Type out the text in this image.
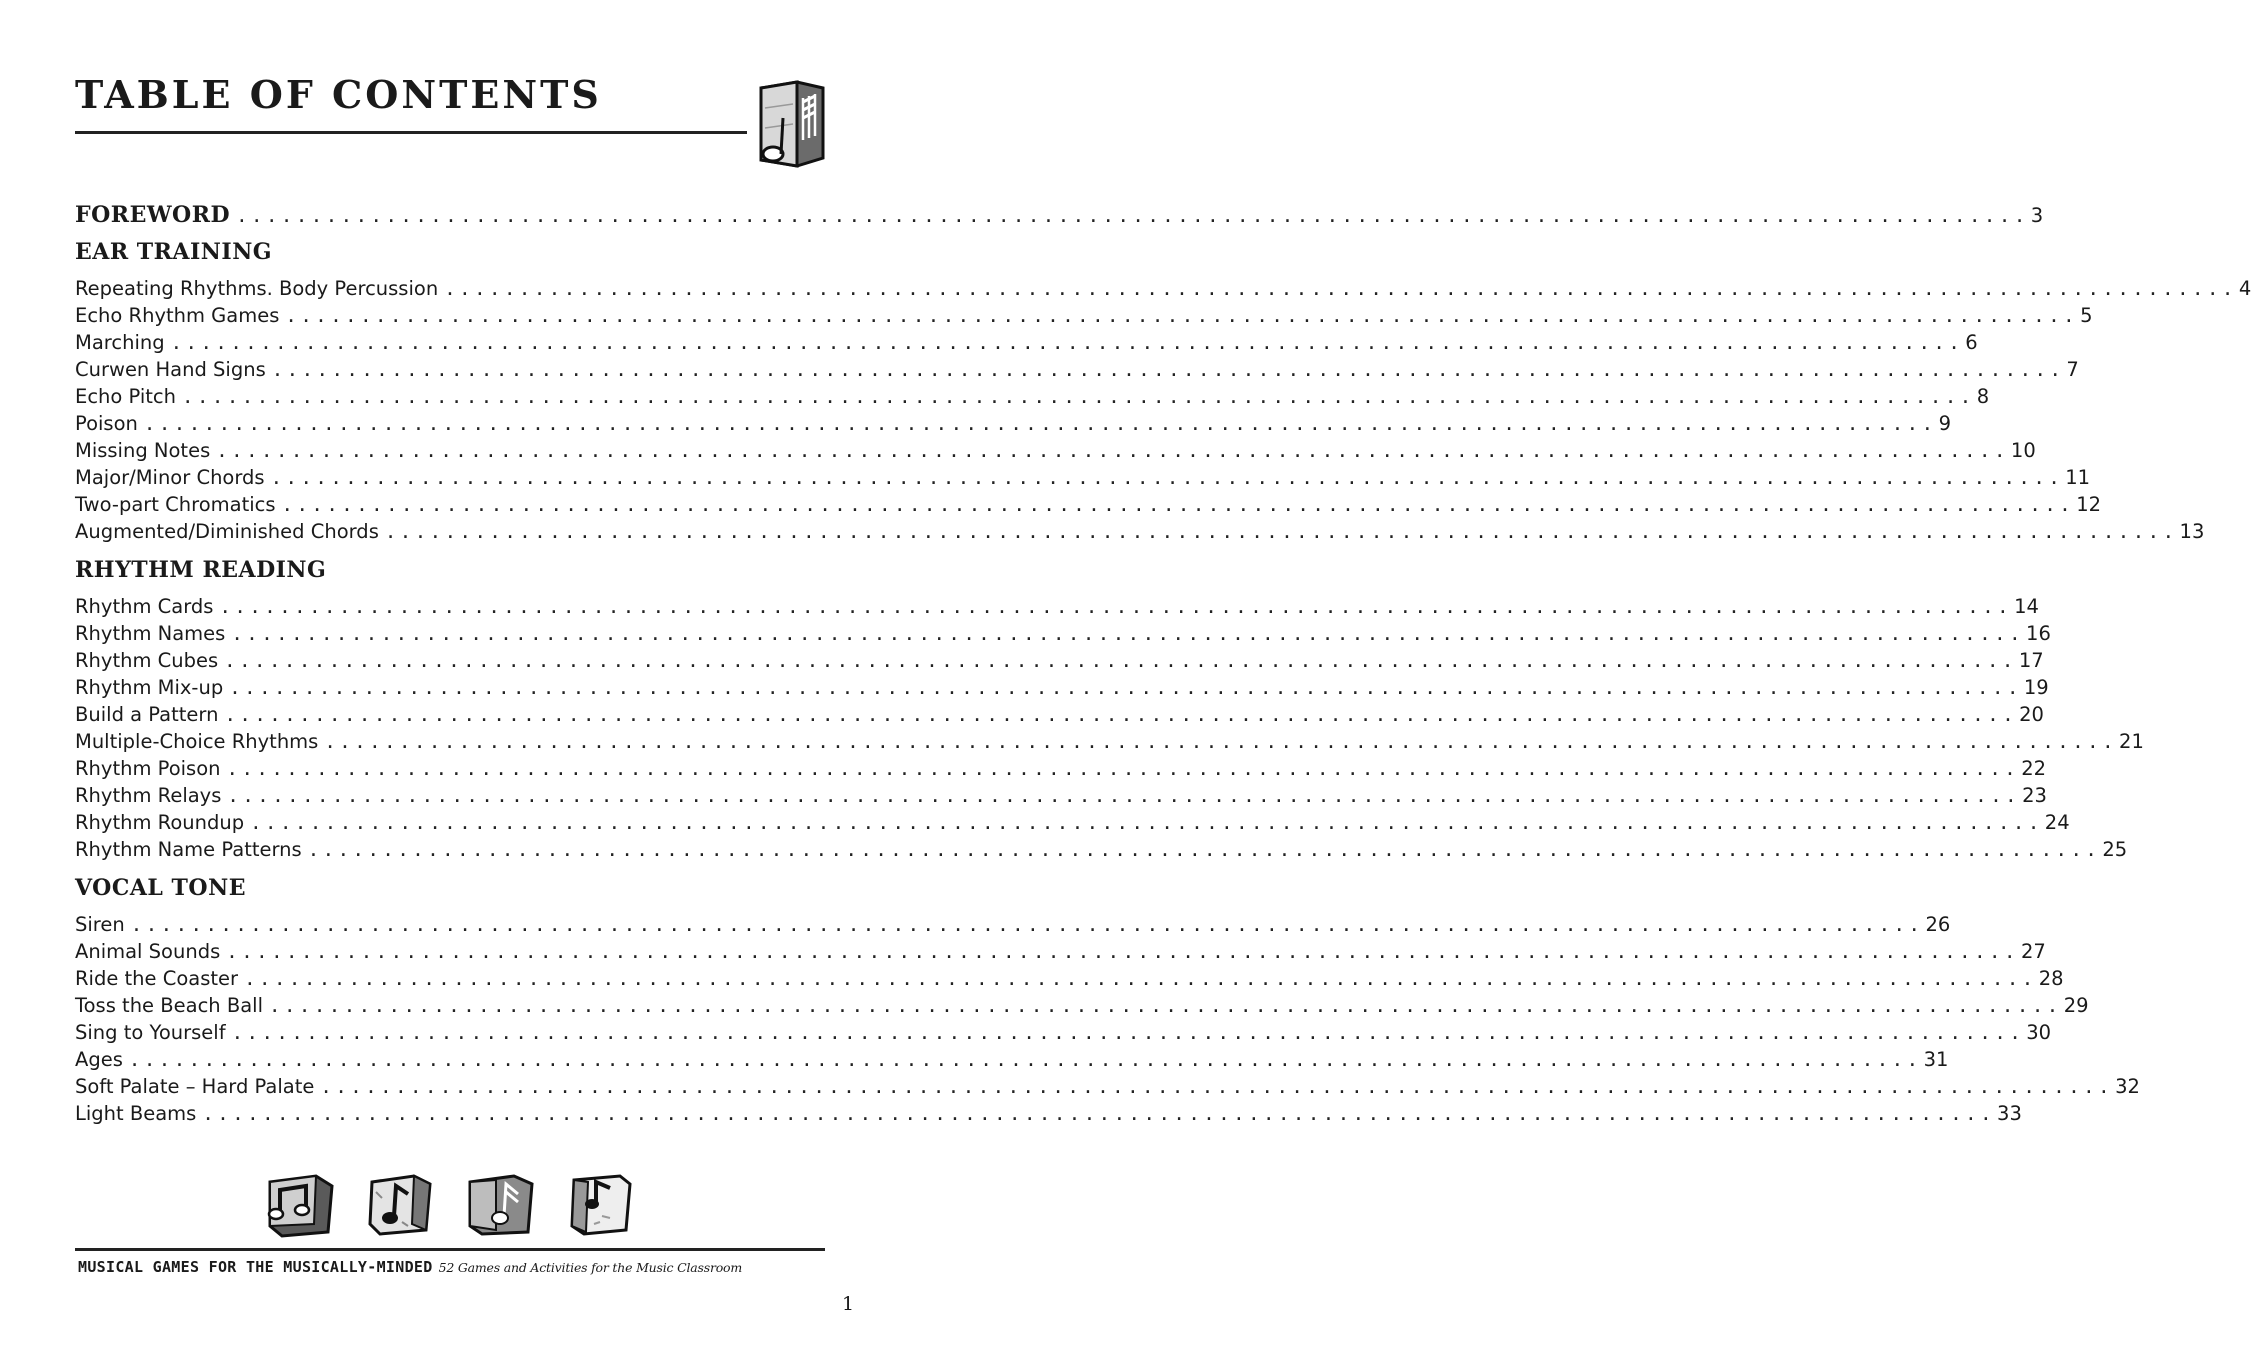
TABLE OF CONTENTS
FOREWORD ........................................................................................................................ 3
EAR TRAINING
Repeating Rhythms. Body Percussion ........................................................................................................................ 4
Echo Rhythm Games ........................................................................................................................ 5
Marching ........................................................................................................................ 6
Curwen Hand Signs ........................................................................................................................ 7
Echo Pitch ........................................................................................................................ 8
Poison ........................................................................................................................ 9
Missing Notes ........................................................................................................................ 10
Major/Minor Chords ........................................................................................................................ 11
Two-part Chromatics ........................................................................................................................ 12
Augmented/Diminished Chords ........................................................................................................................ 13
RHYTHM READING
Rhythm Cards ........................................................................................................................ 14
Rhythm Names ........................................................................................................................ 16
Rhythm Cubes ........................................................................................................................ 17
Rhythm Mix-up ........................................................................................................................ 19
Build a Pattern ........................................................................................................................ 20
Multiple-Choice Rhythms ........................................................................................................................ 21
Rhythm Poison ........................................................................................................................ 22
Rhythm Relays ........................................................................................................................ 23
Rhythm Roundup ........................................................................................................................ 24
Rhythm Name Patterns ........................................................................................................................ 25
VOCAL TONE
Siren ........................................................................................................................ 26
Animal Sounds ........................................................................................................................ 27
Ride the Coaster ........................................................................................................................ 28
Toss the Beach Ball ........................................................................................................................ 29
Sing to Yourself ........................................................................................................................ 30
Ages ........................................................................................................................ 31
Soft Palate – Hard Palate ........................................................................................................................ 32
Light Beams ........................................................................................................................ 33
MUSICAL GAMES FOR THE MUSICALLY-MINDED 52 Games and Activities for the Music Classroom
1
